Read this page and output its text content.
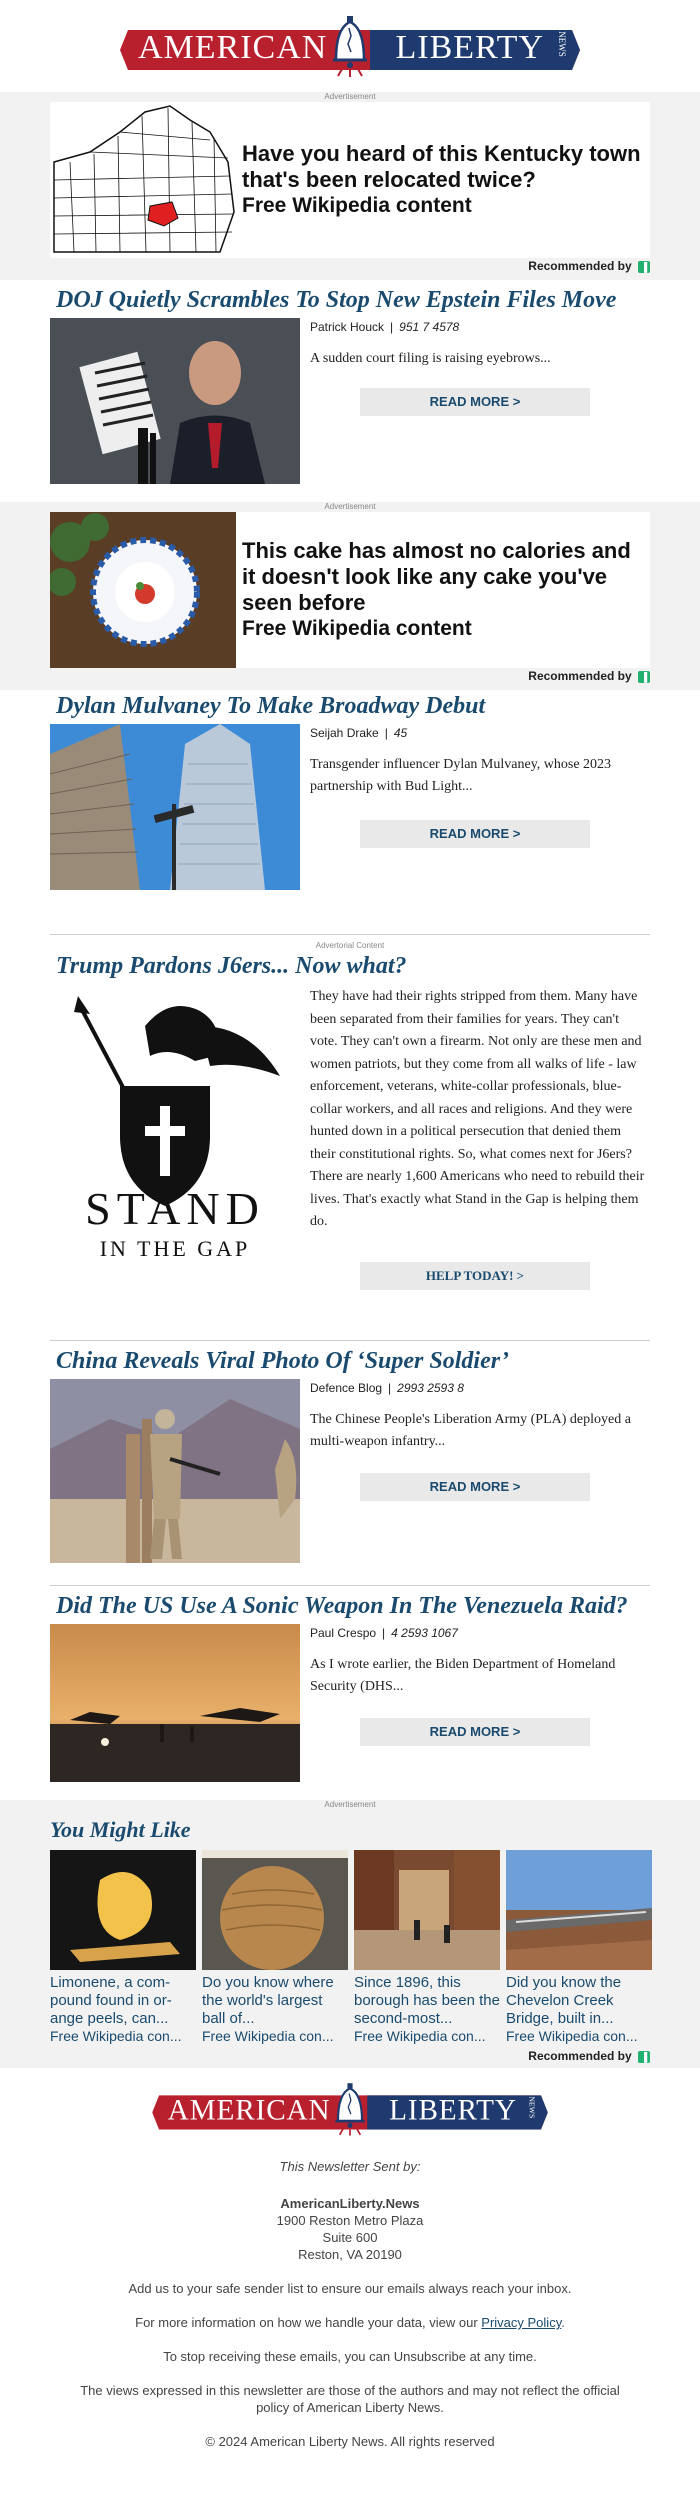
AMERICAN LIBERTY NEWS
Advertisement
Have you heard of this Kentucky town that's been relocated twice?
Free Wikipedia content
Recommended by ▐
DOJ Quietly Scrambles To Stop New Epstein Files Move
Patrick Houck | 951 7 4578
A sudden court filing is raising eyebrows...
READ MORE >
Advertisement
This cake has almost no calories and it doesn't look like any cake you've seen before
Free Wikipedia content
Recommended by ▐
Dylan Mulvaney To Make Broadway Debut
Seijah Drake | 45
Transgender influencer Dylan Mulvaney, whose 2023 partnership with Bud Light...
READ MORE >
Advertorial Content
Trump Pardons J6ers... Now what?
STAND
IN THE GAP
They have had their rights stripped from them. Many have been separated from their families for years. They can't vote. They can't own a firearm. Not only are these men and women patriots, but they come from all walks of life - law enforcement, veterans, white-collar professionals, blue-collar workers, and all races and religions. And they were hunted down in a political persecution that denied them their constitutional rights. So, what comes next for J6ers? There are nearly 1,600 Americans who need to rebuild their lives. That's exactly what Stand in the Gap is helping them do.
HELP TODAY! >
China Reveals Viral Photo Of ‘Super Soldier’
Defence Blog | 2993 2593 8
The Chinese People's Liberation Army (PLA) deployed a multi-weapon infantry...
READ MORE >
Did The US Use A Sonic Weapon In The Venezuela Raid?
Paul Crespo | 4 2593 1067
As I wrote earlier, the Biden Department of Homeland Security (DHS...
READ MORE >
Advertisement
You Might Like
Limonene, a com-pound found in or-ange peels, can...
Free Wikipedia con...
Do you know where the world's largest ball of...
Free Wikipedia con...
Since 1896, this borough has been the second-most...
Free Wikipedia con...
Did you know the Chevelon Creek Bridge, built in...
Free Wikipedia con...
Recommended by ▐
AMERICAN LIBERTY NEWS

This Newsletter Sent by:

AmericanLiberty.News

1900 Reston Metro Plaza

Suite 600

Reston, VA 20190

Add us to your safe sender list to ensure our emails always reach your inbox.

For more information on how we handle your data, view our Privacy Policy.

To stop receiving these emails, you can Unsubscribe at any time.

The views expressed in this newsletter are those of the authors and may not reflect the official policy of American Liberty News.

© 2024 American Liberty News. All rights reserved
